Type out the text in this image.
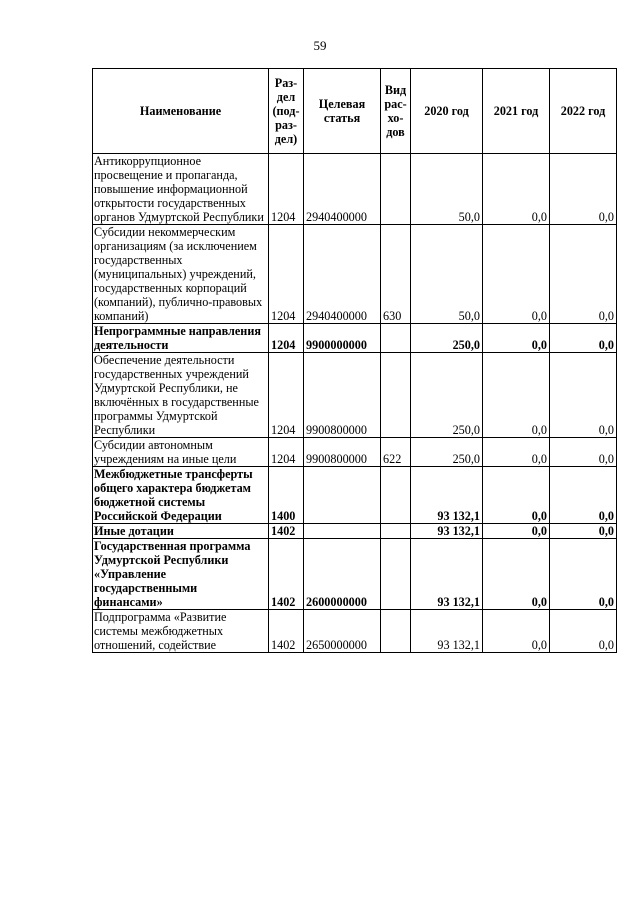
59
Наименование	Раз-дел (под-раз-дел)	Целевая статья	Вид рас-хо-дов	2020 год	2021 год	2022 год
Антикоррупционное просвещение и пропаганда, повышение информационной открытости государственных органов Удмуртской Республики	1204	2940400000		50,0	0,0	0,0
Субсидии некоммерческим организациям (за исключением государственных (муниципальных) учреждений, государственных корпораций (компаний), публично-правовых компаний)	1204	2940400000	630	50,0	0,0	0,0
Непрограммные направления деятельности	1204	9900000000		250,0	0,0	0,0
Обеспечение деятельности государственных учреждений Удмуртской Республики, не включённых в государственные программы Удмуртской Республики	1204	9900800000		250,0	0,0	0,0
Субсидии автономным учреждениям на иные цели	1204	9900800000	622	250,0	0,0	0,0
Межбюджетные трансферты общего характера бюджетам бюджетной системы Российской Федерации	1400			93 132,1	0,0	0,0
Иные дотации	1402			93 132,1	0,0	0,0
Государственная программа Удмуртской Республики «Управление государственными финансами»	1402	2600000000		93 132,1	0,0	0,0
Подпрограмма «Развитие системы межбюджетных отношений, содействие	1402	2650000000		93 132,1	0,0	0,0
